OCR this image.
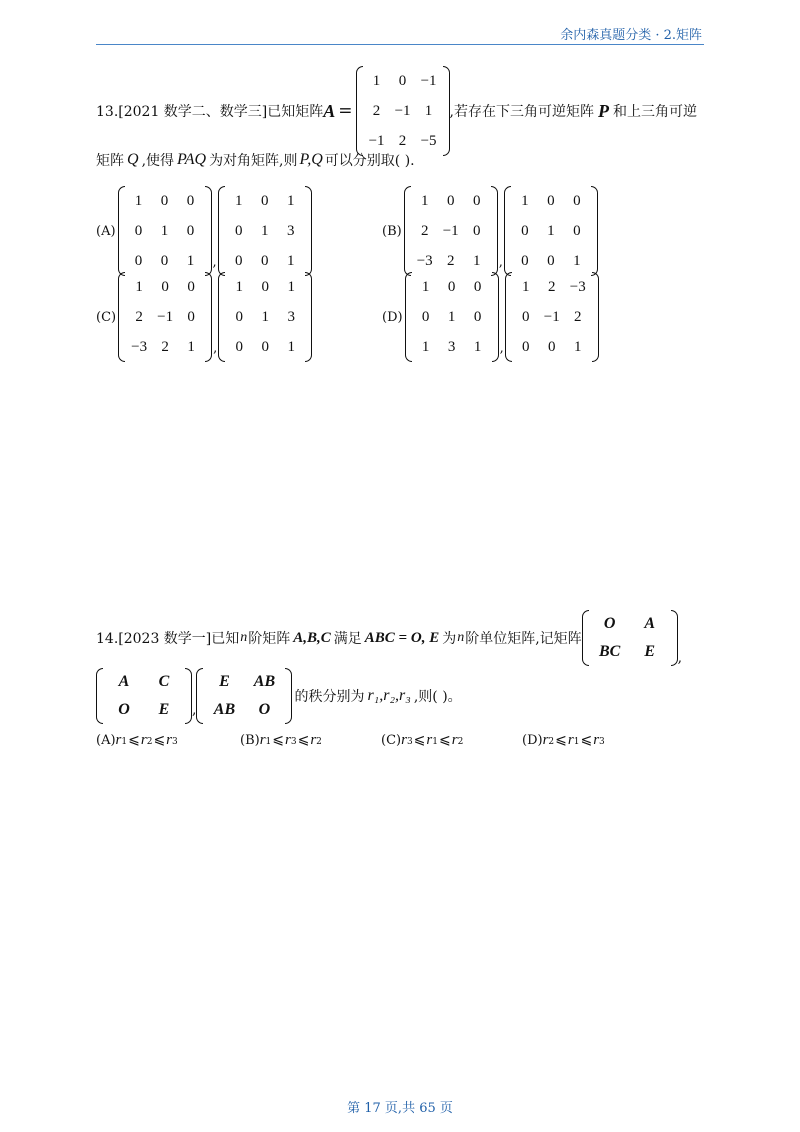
余内森真题分类 · 2.矩阵
13.[2021 数学二、数学三]已知矩阵 A =
1	0	−1
2	−1	1
−1	2	−5
,若存在下三角可逆矩阵 P 和上三角可逆
矩阵 Q ,使得 PAQ 为对角矩阵,则 P,Q 可以分别取( ).
(A)
1	0	0
0	1	0
0	0	1 ,
1	0	1
0	1	3
0	0	1
(B)
1	0	0
2	−1	0
−3	2	1 ,
1	0	0
0	1	0
0	0	1
(C)
1	0	0
2	−1	0
−3	2	1 ,
1	0	1
0	1	3
0	0	1
(D)
1	0	0
0	1	0
1	3	1 ,
1	2	−3
0	−1	2
0	0	1
14.[2023 数学一]已知 n 阶矩阵 A,B,C 满足 ABC = O, E 为 n 阶单位矩阵,记矩阵
O	A
BC	E ,
A	C
O	E ,
E	AB
AB	O
的秩分别为 r₁,r₂,r₃ ,则( )。
(A) r 1 ⩽ r 2 ⩽ r 3	(B) r 1 ⩽ r 3 ⩽ r 2	(C) r 3 ⩽ r 1 ⩽ r 2	(D) r 2 ⩽ r 1 ⩽ r 3
第 17 页,共 65 页
